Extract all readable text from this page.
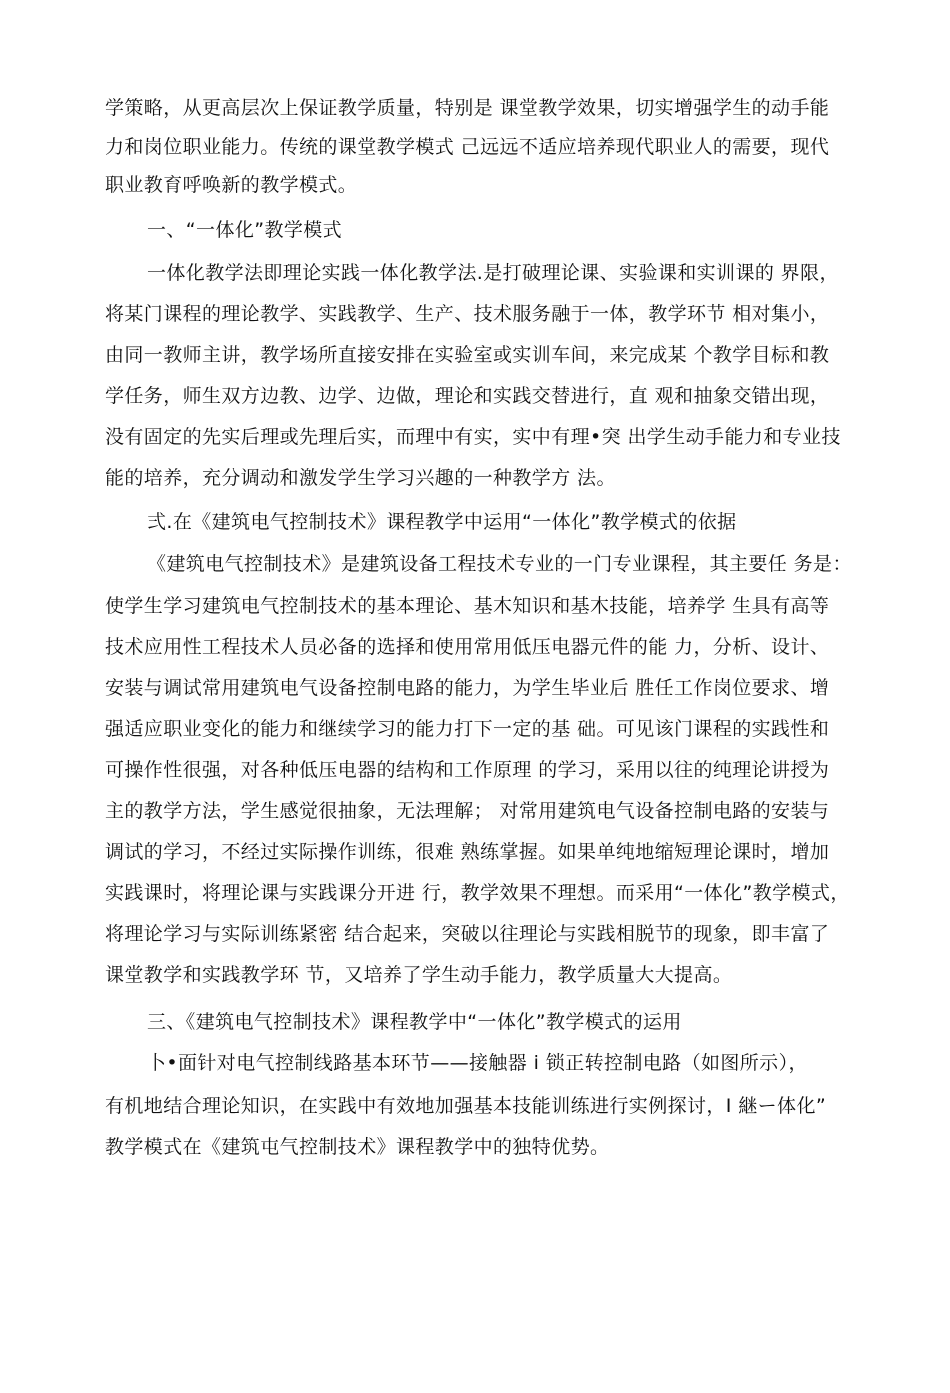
学策略，从更高层次上保证教学质量，特别是 课堂教学效果，切实增强学生的动手能
力和岗位职业能力。传统的课堂教学模式 己远远不适应培养现代职业人的需要，现代
职业教育呼唤新的教学模式。
一、“一体化”教学模式
一体化教学法即理论实践一体化教学法.是打破理论课、实验课和实训课的 界限，
将某门课程的理论教学、实践教学、生产、技术服务融于一体，教学环节 相对集小，
由同一教师主讲，教学场所直接安排在实验室或实训车间，来完成某 个教学目标和教
学任务，师生双方边教、边学、边做，理论和实践交替进行，直 观和抽象交错出现，
没有固定的先实后理或先理后实，而理中有实，实中有理•突 出学生动手能力和专业技
能的培养，充分调动和激发学生学习兴趣的一种教学方 法。
弍.在《建筑电气控制技术》课程教学中运用“一体化”教学模式的依据
《建筑电气控制技术》是建筑设备工程技术专业的一门专业课程，其主要任 务是：
使学生学习建筑电气控制技术的基本理论、基木知识和基木技能，培养学 生具有高等
技术应用性工程技术人员必备的选择和使用常用低压电器元件的能 力，分析、设计、
安装与调试常用建筑电气设备控制电路的能力，为学生毕业后 胜任工作岗位要求、增
强适应职业变化的能力和继续学习的能力打下一定的基 础。可见该门课程的实践性和
可操作性很强，对各种低压电器的结构和工作原理 的学习，采用以往的纯理论讲授为
主的教学方法，学生感觉很抽象，无法理解； 对常用建筑电气设备控制电路的安装与
调试的学习，不经过实际操作训练，很难 熟练掌握。如果单纯地缩短理论课时，增加
实践课时，将理论课与实践课分开进 行，教学效果不理想。而采用“一体化”教学模式，
将理论学习与实际训练紧密 结合起来，突破以往理论与实践相脱节的现象，即丰富了
课堂教学和实践教学环 节，又培养了学生动手能力，教学质量大大提高。
三、《建筑电气控制技术》课程教学中“一体化”教学模式的运用
卜•面针对电气控制线路基本环节——接触器 i 锁正转控制电路（如图所示），
有机地结合理论知识，在实践中有效地加强基本技能训练进行实例探讨，I 継ー体化”
教学模式在《建筑屯气控制技术》课程教学中的独特优势。
